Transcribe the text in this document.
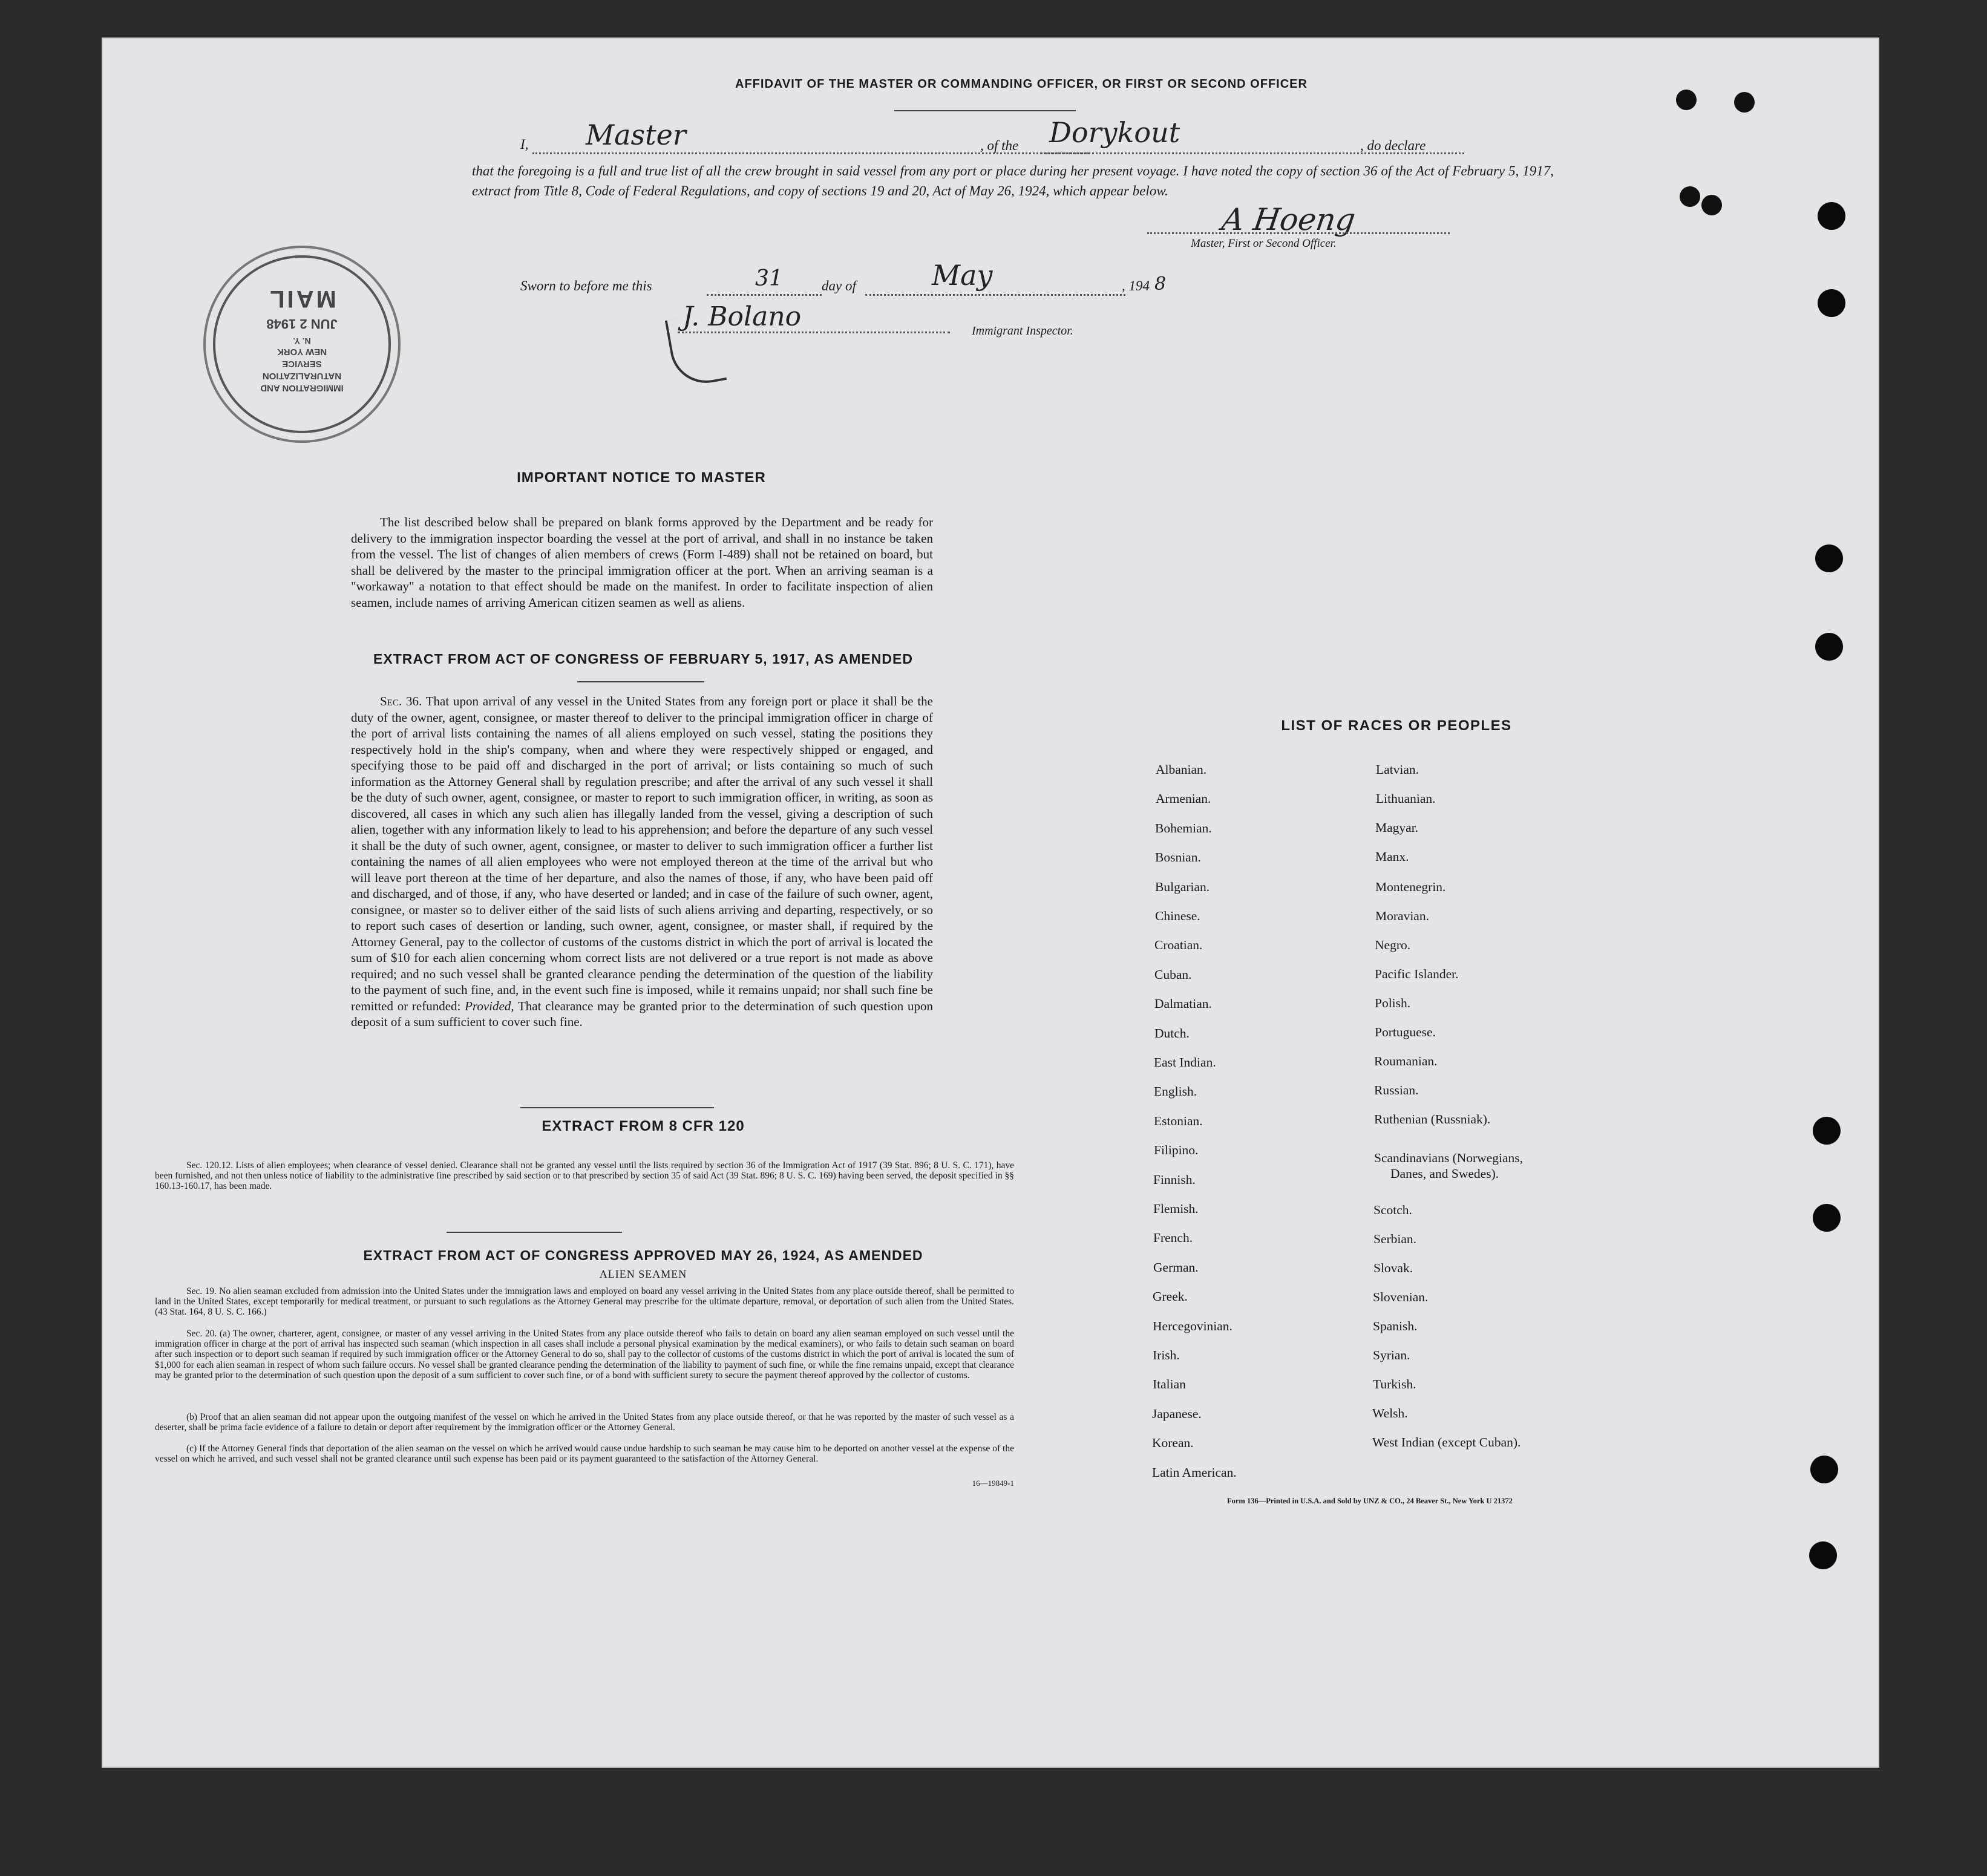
AFFIDAVIT OF THE MASTER OR COMMANDING OFFICER, OR FIRST OR SECOND OFFICER
I, Master	, of the Dorykout	, do declare
that the foregoing is a full and true list of all the crew brought in said vessel from any port or place during her present voyage. I have noted the copy of section 36 of the Act of February 5, 1917, extract from Title 8, Code of Federal Regulations, and copy of sections 19 and 20, Act of May 26, 1924, which appear below.
A Hoeng
Master, First or Second Officer.
Sworn to before me this	31	day of	May	, 194 8
J. Bolano	Immigrant Inspector.
IMPORTANT NOTICE TO MASTER
The list described below shall be prepared on blank forms approved by the Department and be ready for delivery to the immigration inspector boarding the vessel at the port of arrival, and shall in no instance be taken from the vessel. The list of changes of alien members of crews (Form I-489) shall not be retained on board, but shall be delivered by the master to the principal immigration officer at the port. When an arriving seaman is a "workaway" a notation to that effect should be made on the manifest. In order to facilitate inspection of alien seamen, include names of arriving American citizen seamen as well as aliens.
EXTRACT FROM ACT OF CONGRESS OF FEBRUARY 5, 1917, AS AMENDED
Sec. 36. That upon arrival of any vessel in the United States from any foreign port or place it shall be the duty of the owner, agent, consignee, or master thereof to deliver to the principal immigration officer in charge of the port of arrival lists containing the names of all aliens employed on such vessel, stating the positions they respectively hold in the ship's company, when and where they were respectively shipped or engaged, and specifying those to be paid off and discharged in the port of arrival; or lists containing so much of such information as the Attorney General shall by regulation prescribe; and after the arrival of any such vessel it shall be the duty of such owner, agent, consignee, or master to report to such immigration officer, in writing, as soon as discovered, all cases in which any such alien has illegally landed from the vessel, giving a description of such alien, together with any information likely to lead to his apprehension; and before the departure of any such vessel it shall be the duty of such owner, agent, consignee, or master to deliver to such immigration officer a further list containing the names of all alien employees who were not employed thereon at the time of the arrival but who will leave port thereon at the time of her departure, and also the names of those, if any, who have been paid off and discharged, and of those, if any, who have deserted or landed; and in case of the failure of such owner, agent, consignee, or master so to deliver either of the said lists of such aliens arriving and departing, respectively, or so to report such cases of desertion or landing, such owner, agent, consignee, or master shall, if required by the Attorney General, pay to the collector of customs of the customs district in which the port of arrival is located the sum of $10 for each alien concerning whom correct lists are not delivered or a true report is not made as above required; and no such vessel shall be granted clearance pending the determination of the question of the liability to the payment of such fine, and, in the event such fine is imposed, while it remains unpaid; nor shall such fine be remitted or refunded: Provided, That clearance may be granted prior to the determination of such question upon deposit of a sum sufficient to cover such fine.
EXTRACT FROM 8 CFR 120
Sec. 120.12. Lists of alien employees; when clearance of vessel denied. Clearance shall not be granted any vessel until the lists required by section 36 of the Immigration Act of 1917 (39 Stat. 896; 8 U. S. C. 171), have been furnished, and not then unless notice of liability to the administrative fine prescribed by said section or to that prescribed by section 35 of said Act (39 Stat. 896; 8 U. S. C. 169) having been served, the deposit specified in §§ 160.13-160.17, has been made.
EXTRACT FROM ACT OF CONGRESS APPROVED MAY 26, 1924, AS AMENDED
ALIEN SEAMEN
Sec. 19. No alien seaman excluded from admission into the United States under the immigration laws and employed on board any vessel arriving in the United States from any place outside thereof, shall be permitted to land in the United States, except temporarily for medical treatment, or pursuant to such regulations as the Attorney General may prescribe for the ultimate departure, removal, or deportation of such alien from the United States. (43 Stat. 164, 8 U. S. C. 166.)
Sec. 20. (a) The owner, charterer, agent, consignee, or master of any vessel arriving in the United States from any place outside thereof who fails to detain on board any alien seaman employed on such vessel until the immigration officer in charge at the port of arrival has inspected such seaman (which inspection in all cases shall include a personal physical examination by the medical examiners), or who fails to detain such seaman on board after such inspection or to deport such seaman if required by such immigration officer or the Attorney General to do so, shall pay to the collector of customs of the customs district in which the port of arrival is located the sum of $1,000 for each alien seaman in respect of whom such failure occurs. No vessel shall be granted clearance pending the determination of the liability to payment of such fine, or while the fine remains unpaid, except that clearance may be granted prior to the determination of such question upon the deposit of a sum sufficient to cover such fine, or of a bond with sufficient surety to secure the payment thereof approved by the collector of customs.
(b) Proof that an alien seaman did not appear upon the outgoing manifest of the vessel on which he arrived in the United States from any place outside thereof, or that he was reported by the master of such vessel as a deserter, shall be prima facie evidence of a failure to detain or deport after requirement by the immigration officer or the Attorney General.
(c) If the Attorney General finds that deportation of the alien seaman on the vessel on which he arrived would cause undue hardship to such seaman he may cause him to be deported on another vessel at the expense of the vessel on which he arrived, and such vessel shall not be granted clearance until such expense has been paid or its payment guaranteed to the satisfaction of the Attorney General.
16—19849-1
LIST OF RACES OR PEOPLES
Form 136—Printed in U.S.A. and Sold by UNZ & CO., 24 Beaver St., New York U 21372
IMMIGRATION AND
NATURALIZATION
SERVICE
NEW YORK
N. Y.
JUN 2 1948
MAIL
Albanian.
Armenian.
Bohemian.
Bosnian.
Bulgarian.
Chinese.
Croatian.
Cuban.
Dalmatian.
Dutch.
East Indian.
English.
Estonian.
Filipino.
Finnish.
Flemish.
French.
German.
Greek.
Hercegovinian.
Irish.
Italian
Japanese.
Korean.
Latin American.
Latvian.
Lithuanian.
Magyar.
Manx.
Montenegrin.
Moravian.
Negro.
Pacific Islander.
Polish.
Portuguese.
Roumanian.
Russian.
Ruthenian (Russniak).
Scandinavians (Norwegians,
Danes, and Swedes).
Scotch.
Serbian.
Slovak.
Slovenian.
Spanish.
Syrian.
Turkish.
Welsh.
West Indian (except Cuban).
